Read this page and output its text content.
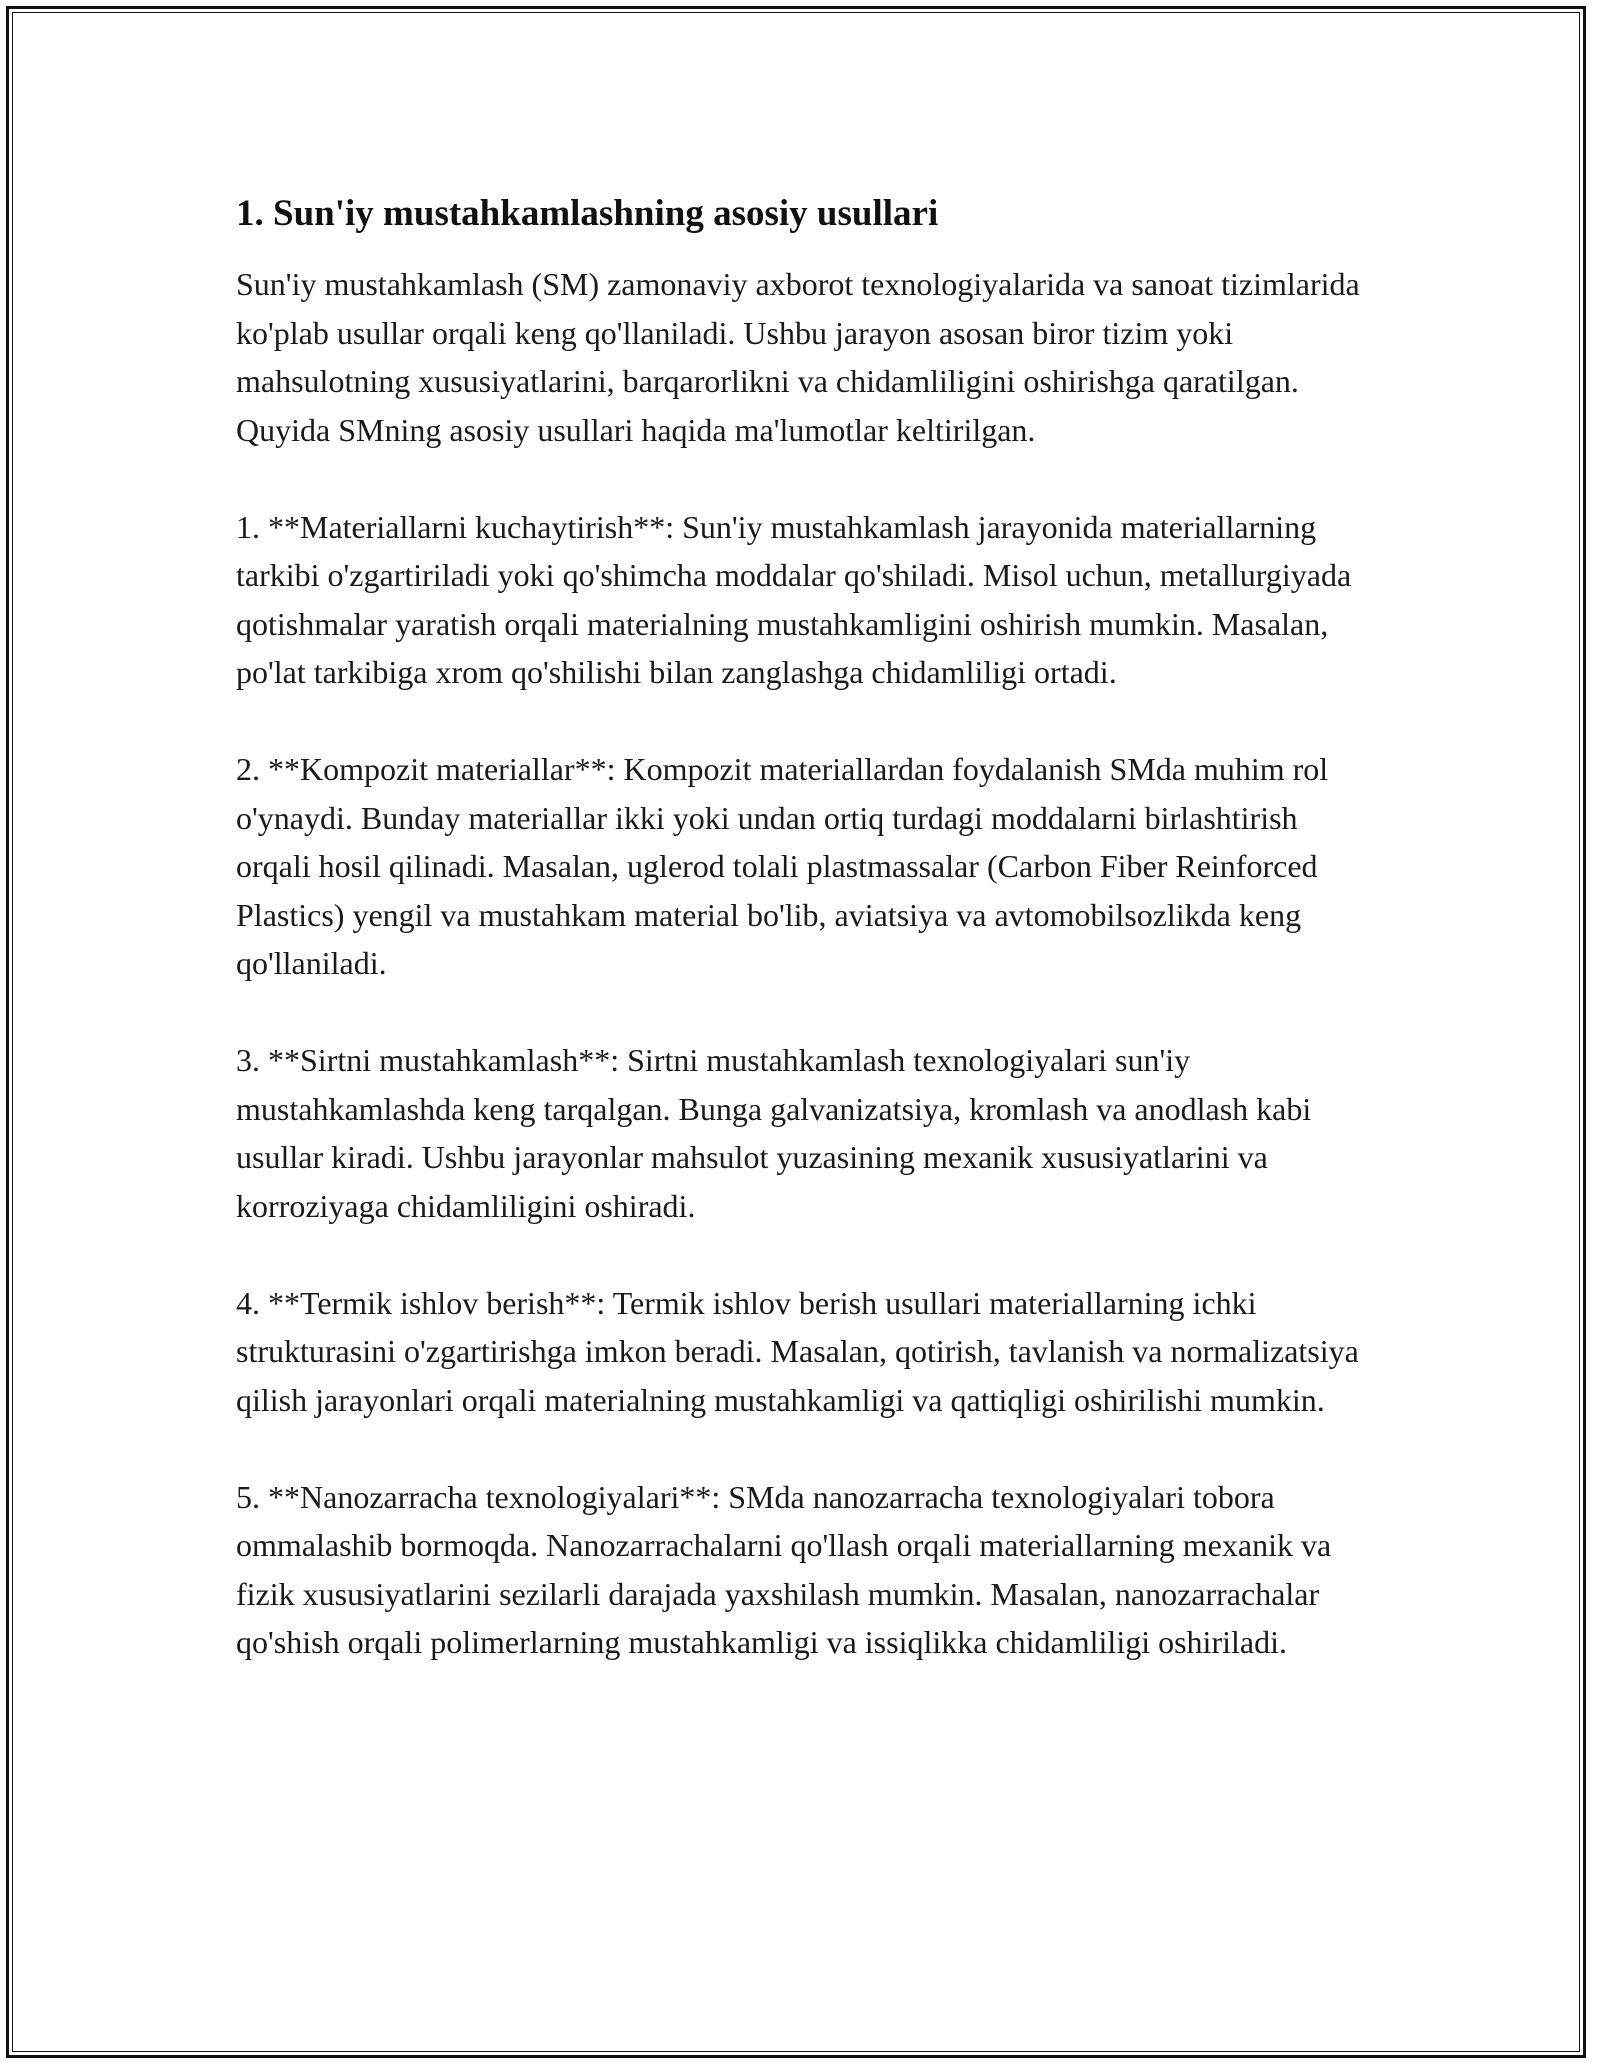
1. Sun'iy mustahkamlashning asosiy usullari

Sun'iy mustahkamlash (SM) zamonaviy axborot texnologiyalarida va sanoat tizimlarida ko'plab usullar orqali keng qo'llaniladi. Ushbu jarayon asosan biror tizim yoki mahsulotning xususiyatlarini, barqarorlikni va chidamliligini oshirishga qaratilgan. Quyida SMning asosiy usullari haqida ma'lumotlar keltirilgan.

1. **Materiallarni kuchaytirish**: Sun'iy mustahkamlash jarayonida materiallarning tarkibi o'zgartiriladi yoki qo'shimcha moddalar qo'shiladi. Misol uchun, metallurgiyada qotishmalar yaratish orqali materialning mustahkamligini oshirish mumkin. Masalan, po'lat tarkibiga xrom qo'shilishi bilan zanglashga chidamliligi ortadi.

2. **Kompozit materiallar**: Kompozit materiallardan foydalanish SMda muhim rol o'ynaydi. Bunday materiallar ikki yoki undan ortiq turdagi moddalarni birlashtirish orqali hosil qilinadi. Masalan, uglerod tolali plastmassalar (Carbon Fiber Reinforced Plastics) yengil va mustahkam material bo'lib, aviatsiya va avtomobilsozlikda keng qo'llaniladi.

3. **Sirtni mustahkamlash**: Sirtni mustahkamlash texnologiyalari sun'iy mustahkamlashda keng tarqalgan. Bunga galvanizatsiya, kromlash va anodlash kabi usullar kiradi. Ushbu jarayonlar mahsulot yuzasining mexanik xususiyatlarini va korroziyaga chidamliligini oshiradi.

4. **Termik ishlov berish**: Termik ishlov berish usullari materiallarning ichki strukturasini o'zgartirishga imkon beradi. Masalan, qotirish, tavlanish va normalizatsiya qilish jarayonlari orqali materialning mustahkamligi va qattiqligi oshirilishi mumkin.

5. **Nanozarracha texnologiyalari**: SMda nanozarracha texnologiyalari tobora ommalashib bormoqda. Nanozarrachalarni qo'llash orqali materiallarning mexanik va fizik xususiyatlarini sezilarli darajada yaxshilash mumkin. Masalan, nanozarrachalar qo'shish orqali polimerlarning mustahkamligi va issiqlikka chidamliligi oshiriladi.
